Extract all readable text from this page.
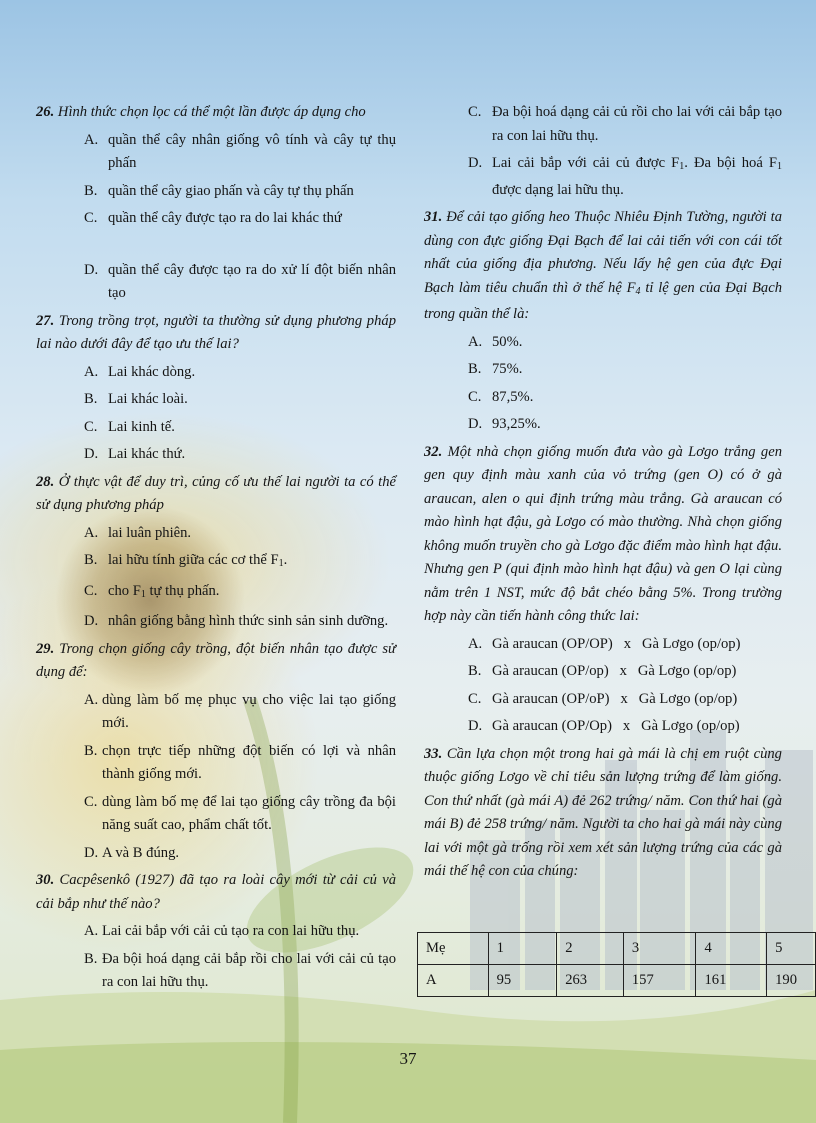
26. Hình thức chọn lọc cá thể một lần được áp dụng cho

A. quần thể cây nhân giống vô tính và cây tự thụ phấn
B. quần thể cây giao phấn và cây tự thụ phấn
C. quần thể cây được tạo ra do lai khác thứ
D. quần thể cây được tạo ra do xử lí đột biến nhân tạo

27. Trong trồng trọt, người ta thường sử dụng phương pháp lai nào dưới đây để tạo ưu thế lai?

A. Lai khác dòng.
B. Lai khác loài.
C. Lai kinh tế.
D. Lai khác thứ.

28. Ở thực vật để duy trì, củng cố ưu thế lai người ta có thể sử dụng phương pháp

A. lai luân phiên.
B. lai hữu tính giữa các cơ thể $F_1$.
C. cho $F_1$ tự thụ phấn.
D. nhân giống bằng hình thức sinh sản sinh dưỡng.

29. Trong chọn giống cây trồng, đột biến nhân tạo được sử dụng để:

A. dùng làm bố mẹ phục vụ cho việc lai tạo giống mới.
B. chọn trực tiếp những đột biến có lợi và nhân thành giống mới.
C. dùng làm bố mẹ để lai tạo giống cây trồng đa bội năng suất cao, phẩm chất tốt.
D. A và B đúng.

30. Cacpêsenkô (1927) đã tạo ra loài cây mới từ cải củ và cải bắp như thế nào?

A. Lai cải bắp với cải củ tạo ra con lai hữu thụ.
B. Đa bội hoá dạng cải bắp rồi cho lai với cải củ tạo ra con lai hữu thụ.
C. Đa bội hoá dạng cải củ rồi cho lai với cải bắp tạo ra con lai hữu thụ.
D. Lai cải bắp với cải củ được $F_1$. Đa bội hoá $F_1$ được dạng lai hữu thụ.

31. Để cải tạo giống heo Thuộc Nhiêu Định Tường, người ta dùng con đực giống Đại Bạch để lai cải tiến với con cái tốt nhất của giống địa phương. Nếu lấy hệ gen của đực Đại Bạch làm tiêu chuẩn thì ở thế hệ $F_4$ tỉ lệ gen của Đại Bạch trong quần thể là:

A. 50%.
B. 75%.
C. 87,5%.
D. 93,25%.

32. Một nhà chọn giống muốn đưa vào gà Lơgo trắng gen gen quy định màu xanh của vỏ trứng (gen O) có ở gà araucan, alen o qui định trứng màu trắng. Gà araucan có mào hình hạt đậu, gà Lơgo có mào thường. Nhà chọn giống không muốn truyền cho gà Lơgo đặc điểm mào hình hạt đậu. Nhưng gen P (qui định mào hình hạt đậu) và gen O lại cùng nằm trên 1 NST, mức độ bắt chéo bằng 5%. Trong trường hợp này cần tiến hành công thức lai:

A. Gà araucan (OP/OP)   x   Gà Lơgo (op/op)
B. Gà araucan (OP/op)   x   Gà Lơgo (op/op)
C. Gà araucan (OP/oP)   x   Gà Lơgo (op/op)
D. Gà araucan (OP/Op)   x   Gà Lơgo (op/op)

33. Cần lựa chọn một trong hai gà mái là chị em ruột cùng thuộc giống Lơgo về chỉ tiêu sản lượng trứng để làm giống. Con thứ nhất (gà mái A) đẻ 262 trứng/ năm. Con thứ hai (gà mái B) đẻ 258 trứng/ năm. Người ta cho hai gà mái này cùng lai với một gà trống rồi xem xét sản lượng trứng của các gà mái thế hệ con của chúng:

Mẹ	1	2	3	4	5
A	95	263	157	161	190
37
